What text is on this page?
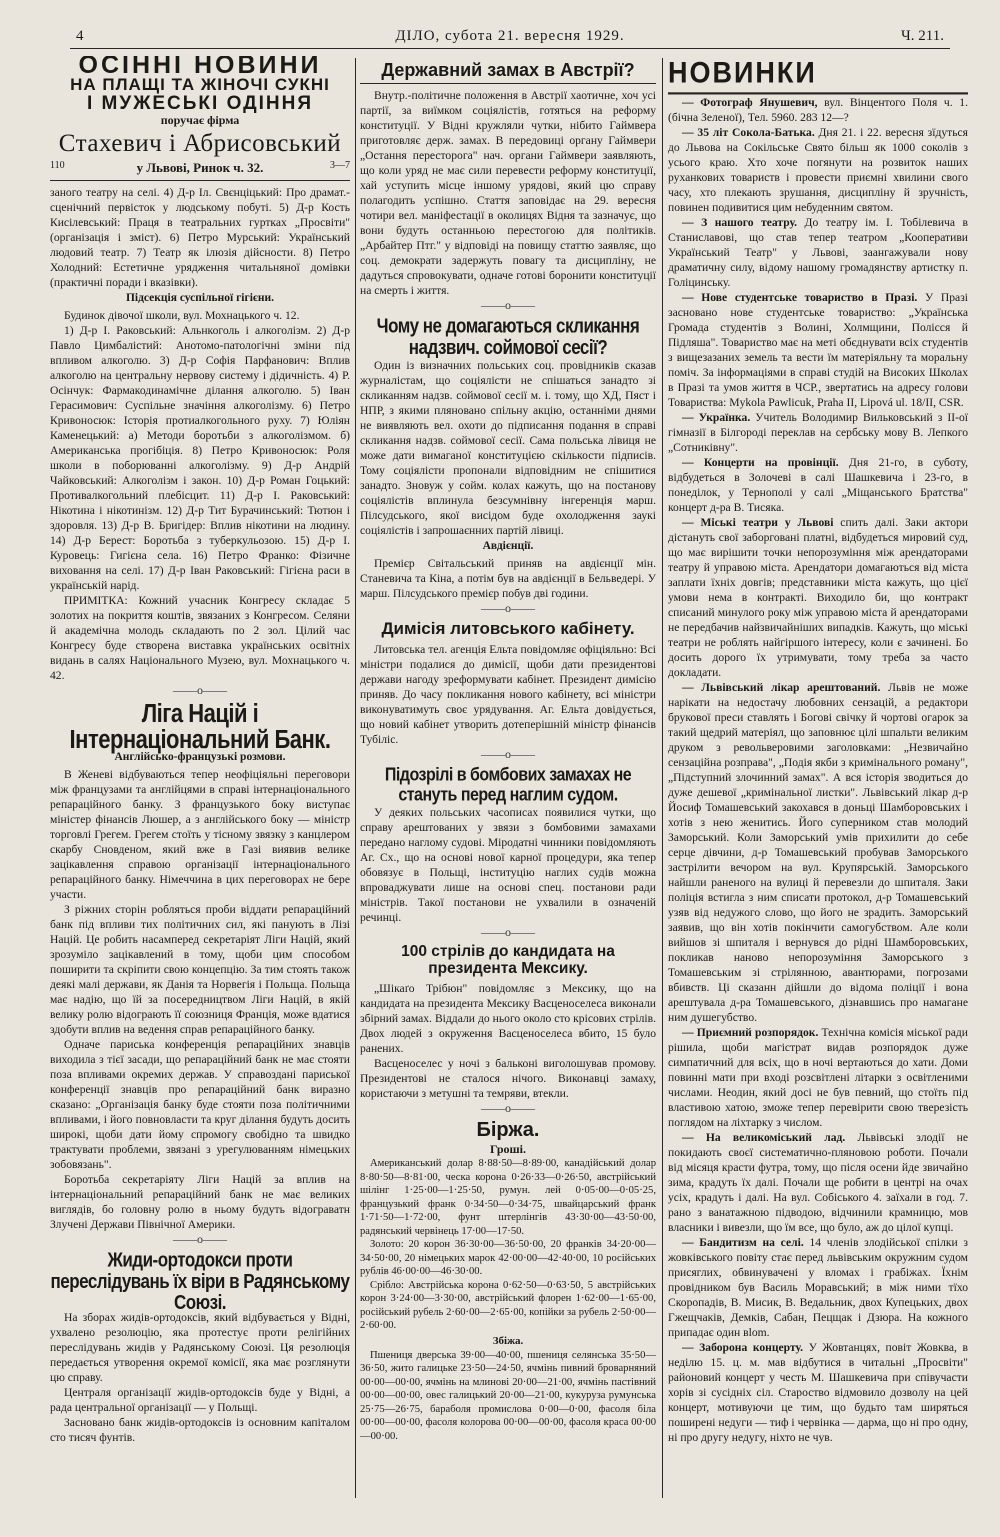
4	ДІЛО, субота 21. вересня 1929.	Ч. 211.
ОСІННІ НОВИНИ
НА ПЛАЩІ ТА ЖІНОЧІ СУКНІ
І МУЖЕСЬКІ ОДІННЯ
поручає фірма
Стахевич і Абрисовський
110	у Львові, Ринок ч. 32.	3—7

заного театру на селі. 4) Д-р Іл. Свєнціцький: Про драмат.-сценічний первісток у людському побуті. 5) Д-р Кость Кисілевський: Праця в театральних гуртках „Просвіти" (організація і зміст). 6) Петро Мурський: Український людовий театр. 7) Театр як ілюзія дійсности. 8) Петро Холодний: Естетичне урядження читальняної домівки (практичні поради і вказівки).

Підсекція суспільної гігієни.

Будинок дівочої школи, вул. Мохнацького ч. 12.

1) Д-р І. Раковський: Альнкоголь і алкоголізм. 2) Д-р Павло Цимбалістий: Анотомо-патологічні зміни під впливом алкоголю. 3) Д-р Софія Парфанович: Вплив алкоголю на центральну нервову систему і дідичність. 4) Р. Осінчук: Фармакодинамічне ділання алкоголю. 5) Іван Герасимович: Суспільне значіння алкоголізму. 6) Петро Кривоносюк: Історія протиалкогольного руху. 7) Юліян Каменецький: а) Методи боротьби з алкоголізмом. б) Американська прогібіція. 8) Петро Кривоносюк: Роля школи в поборюванні алкоголізму. 9) Д-р Андрій Чайковський: Алкоголізм і закон. 10) Д-р Роман Гоцький: Противалкогольний плебісцит. 11) Д-р І. Раковський: Нікотина і нікотинізм. 12) Д-р Тит Бурачинський: Тютюн і здоровля. 13) Д-р В. Бригідер: Вплив нікотини на людину. 14) Д-р Берест: Боротьба з туберкульозою. 15) Д-р І. Куровець: Гигієна села. 16) Петро Франко: Фізичне виховання на селі. 17) Д-р Іван Раковський: Гігієна раси в українській нарід.

ПРИМІТКА: Кожний учасник Конгресу складає 5 золотих на покриття коштів, звязаних з Конгресом. Селяни й академічна молодь складають по 2 зол. Цілий час Конгресу буде створена виставка українських освітніх видань в салях Національного Музею, вул. Мохнацького ч. 42.

——o——
Ліга Націй і Інтернаціональний Банк.
Англійсько-французькі розмови.

В Женеві відбуваються тепер неофіціяльні переговори між французами та англійцями в справі інтернаціонального репараційного банку. З французького боку виступає міністер фінансів Люшер, а з англійського боку — міністр торговлі Грегем. Грегем стоїть у тісному звязку з канцлером скарбу Сновденом, який вже в Газі виявив велике зацікавлення справою організації інтернаціонального репараційного банку. Німеччина в цих переговорах не бере участи.

З ріжних сторін робляться проби віддати репараційний банк під впливи тих політичних сил, які панують в Лізі Націй. Це робить насамперед секретаріят Ліги Націй, який зрозуміло зацікавлений в тому, щоби цим способом поширити та скріпити свою концепцію. За тим стоять також деякі малі держави, як Данія та Норвегія і Польща. Польща має надію, що їй за посередництвом Ліги Націй, в якій велику ролю відограють її союзниця Франція, може вдатися здобути вплив на ведення справ репараційного банку.

Одначе париська конференція репараційних знавців виходила з тієї засади, що репараційний банк не має стояти поза впливами окремих держав. У справоздані париської конференції знавців про репараційний банк виразно сказано: „Організація банку буде стояти поза політичними впливами, і його повновласти та круг ділання будуть досить широкі, щоби дати йому спромогу свобідно та швидко трактувати проблеми, звязані з урегулюванням німецьких зобовязань".

Боротьба секретаріяту Ліги Націй за вплив на інтернаціональний репараційний банк не має великих виглядів, бо головну ролю в ньому будуть відограватн Злучені Держави Північної Америки.

——o——
Жиди-ортодокси проти переслідувань їх віри в Радянському Союзі.

На зборах жидів-ортодоксів, який відбувається у Відні, ухвалено резолюцію, яка протестує проти релігійних переслідувань жидів у Радянському Союзі. Ця резолюція передається утворення окремої комісії, яка має розглянути цю справу.

Централя організації жидів-ортодоксів буде у Відні, а рада центральної організації — у Польщі.

Засновано банк жидів-ортодоксів із основним капіталом сто тисяч фунтів.

Державний замах в Австрії?

Внутр.-політичне положення в Австрії хаотичне, хоч усі партії, за виїмком соціялістів, готяться на реформу конституції. У Відні кружляли чутки, нібито Гаймвера приготовляє держ. замах. В передовиці органу Гаймвери „Остання пересторога" нач. органи Гаймвери заявляють, що коли уряд не має сили перевести реформу конституції, хай уступить місце іншому урядові, який цю справу полагодить успішно. Стаття заповідає на 29. вересня чотири вел. маніфестації в околицях Відня та зазначує, що вони будуть останньою перестогою для політиків. „Арбайтер Птг." у відповіді на повищу статтю заявляє, що соц. демократи задержуть повагу та дисципліну, не дадуться спровокувати, одначе готові боронити конституції на смерть і життя.

——o——
Чому не домагаються скликання надзвич. соймової сесії?

Один із визначних польських соц. провідників сказав журналістам, що соціялісти не спішаться занадто зі скликанням надзв. соймової сесії м. і. тому, що ХД, Пяст і НПР, з якими пляновано спільну акцію, останніми днями не виявляють вел. охоти до підписання подання в справі скликання надзв. соймової сесії. Сама польська лівиця не може дати вимаганої конституцією скількости підписів. Тому соціялісти пропонали відповідним не спішитися занадто. Зновуж у сойм. колах кажуть, що на постанову соціялістів вплинула безсумнівну інгеренція марш. Пілсудського, якої висідом буде охолодження заукі соціялістів і запрошаєнних партій лівиці.

Авдієнції.

Премієр Світальський приняв на авдієнції мін. Станевича та Кіна, а потім був на авдієнції в Бельведері. У марш. Пілсудського премієр побув дві години.

——o——
Димісія литовського кабінету.

Литовська тел. агенція Ельта повідомляє офіціяльно: Всі міністри подалися до димісії, щоби дати президентові держави нагоду зреформувати кабінет. Президент димісію приняв. До часу покликання нового кабінету, всі міністри виконуватимуть своє урядування. Аг. Ельта довідується, що новий кабінет утворить дотеперішній міністр фінансів Тубіліс.

——o——
Підозрілі в бомбових замахах не стануть перед наглим судом.

У деяких польських часописах появилися чутки, що справу арештованих у звязи з бомбовими замахами передано наглому судові. Міродатні чинники повідомляють Аг. Сх., що на основі нової карної процедури, яка тепер обовязує в Польщі, інституцію наглих судів можна впроваджувати лише на основі спец. постанови ради міністрів. Такої постанови не ухвалили в означеній речинці.

——o——
100 стрілів до кандидата на президента Мексику.

„Шікаґо Трібюн" повідомляє з Мексику, що на кандидата на президента Мексику Васценоселеса виконали збірний замах. Віддали до нього около сто крісових стрілів. Двох людей з окруження Васценоселеса вбито, 15 було ранених.

Васценоселес у ночі з бальконі виголошував промову. Президентові не сталося нічого. Виконавці замаху, користаючи з метушні та темряви, втекли.

——o——
Біржа.
Гроші.

Американський долар 8·88·50—8·89·00, канадійський долар 8·80·50—8·81·00, ческа корона 0·26·33—0·26·50, австрійський шілінг 1·25·00—1·25·50, румун. лей 0·05·00—0·05·25, французький франк 0·34·50—0·34·75, швайцарський франк 1·71·50—1·72·00, фунт штерлінгів 43·30·00—43·50·00, радянський червінець 17·00—17·50.

Золото: 20 корон 36·30·00—36·50·00, 20 франків 34·20·00—34·50·00, 20 німецьких марок 42·00·00—42·40·00, 10 російських рублів 46·00·00—46·30·00.

Срібло: Австрійська корона 0·62·50—0·63·50, 5 австрійських корон 3·24·00—3·30·00, австрійський флорен 1·62·00—1·65·00, російський рубель 2·60·00—2·65·00, копійки за рубель 2·50·00—2·60·00.

Збіжа.

Пшениця дверська 39·00—40·00, пшениця селянська 35·50—36·50, жито галицьке 23·50—24·50, ячмінь пивний броварняний 00·00—00·00, ячмінь на млинові 20·00—21·00, ячмінь пастівний 00·00—00·00, овес галицький 20·00—21·00, кукуруза румунська 25·75—26·75, бараболя промислова 0·00—0·00, фасоля біла 00·00—00·00, фасоля колорова 00·00—00·00, фасоля краса 00·00—00·00.

НОВИНКИ

— Фотограф Янушевич, вул. Вінцентого Поля ч. 1. (бічна Зеленої), Тел. 5960. 283 12—?

— 35 літ Сокола-Батька. Дня 21. і 22. вересня зїдуться до Львова на Сокільське Свято більш як 1000 соколів з усього краю. Хто хоче погянути на розвиток наших руханкових товариств і провести приємні хвилини свого часу, хто плекають зрушання, дисципліну й зручність, повинен подивитися цим небуденним святом.

— З нашого театру. До театру ім. І. Тобілевича в Станиславові, що став тепер театром „Кооперативи Український Театр" у Львові, заангажували нову драматичну силу, відому нашому громадянству артистку п. Голіцинську.

— Нове студентське товариство в Празі. У Празі засновано нове студентське товариство: „Українська Громада студентів з Волині, Холмщини, Полісся й Підляша". Товариство має на меті обєднувати всіх студентів з вищезазаних земель та вести їм матеріяльну та моральну поміч. За інформаціями в справі студій на Високих Школах в Празі та умов життя в ЧСР., звертатись на адресу голови Товариства: Mykola Pawlicuk, Praha II, Lipová ul. 18/II, CSR.

— Українка. Учитель Володимир Вильковський з II-ої гімназії в Білгороді переклав на сербську мову В. Лепкого „Сотниківну".

— Концерти на провінції. Дня 21-го, в суботу, відбудеться в Золочеві в салі Шашкевича і 23-го, в понеділок, у Тернополі у салі „Міщанського Братства" концерт д-ра В. Тисяка.

— Міські театри у Львові спить далі. Заки актори дістануть свої заборговані платні, відбудеться мировий суд, що має вирішити точки непорозуміння між арендаторами театру й управою міста. Арендатори домагаються від міста заплати їхніх довгів; представники міста кажуть, що цієї умови нема в контракті. Виходило би, що контракт списаний минулого року між управою міста й арендаторами не передбачив найзвичайніших випадків. Кажуть, що міські театри не роблять найгіршого інтересу, коли є зачинені. Бо досить дорого їх утримувати, тому треба за часто докладати.

— Львівський лікар арештований. Львів не може нарікати на недостачу любовних сензацій, а редактори брукової преси ставлять і Богові свічку й чортові огарок за такий щедрий матеріял, що заповнює цілі шпальти великим друком з револьверовими заголовками: „Незвичайно сензаційна розправа", „Подія якби з кримінального роману", „Підступний злочинний замах". А вся історія зводиться до дуже дешевої „кримінальної листки". Львівський лікар д-р Йосиф Томашевський закохався в доньці Шамборовських і хотів з нею женитись. Його суперником став молодий Заморський. Коли Заморський умів прихилити до себе серце дівчини, д-р Томашевський пробував Заморського застрілити вечором на вул. Крупярській. Заморського найшли раненого на вулиці й перевезли до шпиталя. Заки поліція встигла з ним списати протокол, д-р Томашевський узяв від недужого слово, що його не зрадить. Заморський заявив, що він хотів покінчити самогубством. Але коли вийшов зі шпиталя і вернувся до рідні Шамборовських, покликав наново непорозуміння Заморського з Томашевським зі стрілянною, авантюрами, погрозами вбивств. Ці сказанн дійшли до відома поліції і вона арештувала д-ра Томашевського, дізнавшись про намагане ним душегубство.

— Приємний розпорядок. Технічна комісія міської ради рішила, щоби магістрат видав розпорядок дуже симпатичний для всіх, що в ночі вертаються до хати. Доми повинні мати при вході розсвітлені літарки з освітленими числами. Неодин, який досі не був певний, що стоїть під властивою хатою, зможе тепер перевірити свою тверезість поглядом на ліхтарку з числом.

— На великоміський лад. Львівські злодії не покидають своєї систематично-пляновою роботи. Почали від місяця красти футра, тому, що після осени йде звичайно зима, крадуть їх далі. Почали ще робити в центрі на очах усіх, крадуть і далі. На вул. Собіського 4. заїхали в год. 7. рано з ванатажною підводою, відчинили крамницю, мов власники і вивезли, що їм все, що було, аж до цілої купці.

— Бандитизм на селі. 14 членів злодійської спілки з жовківського повіту стає перед львівським окружним судом присяглих, обвинувачені у вломах і грабіжах. Їхнім провідником був Василь Моравський; в між ними тїхо Скоропадів, В. Мисик, В. Ведальник, двох Купецьких, двох Гжещчаків, Демків, Сабан, Пецщак і Дзюра. На кожного припадає один вlom.

— Заборона концерту. У Жовтанцях, повіт Жовква, в неділю 15. ц. м. мав відбутися в читальні „Просвіти" районовий концерт у честь М. Шашкевича при співучасти хорів зі сусідніх сіл. Староство відмовило дозволу на цей концерт, мотивуючи це тим, що будьто там ширяться поширені недуги — тиф і червінка — дарма, що ні про одну, ні про другу недугу, ніхто не чув.
